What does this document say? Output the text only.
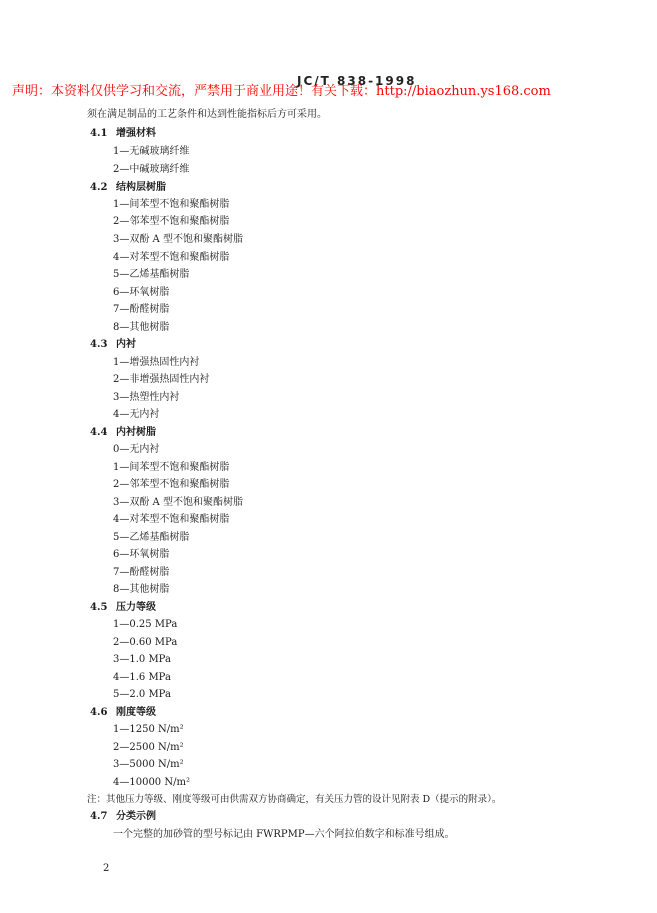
JC/T 838-1998
声明：本资料仅供学习和交流，严禁用于商业用途！有关下载：http://biaozhun.ys168.com
须在满足制品的工艺条件和达到性能指标后方可采用。
4.1 增强材料
1—无碱玻璃纤维
2—中碱玻璃纤维
4.2 结构层树脂
1—间苯型不饱和聚酯树脂
2—邻苯型不饱和聚酯树脂
3—双酚 A 型不饱和聚酯树脂
4—对苯型不饱和聚酯树脂
5—乙烯基酯树脂
6—环氧树脂
7—酚醛树脂
8—其他树脂
4.3 内衬
1—增强热固性内衬
2—非增强热固性内衬
3—热塑性内衬
4—无内衬
4.4 内衬树脂
0—无内衬
1—间苯型不饱和聚酯树脂
2—邻苯型不饱和聚酯树脂
3—双酚 A 型不饱和聚酯树脂
4—对苯型不饱和聚酯树脂
5—乙烯基酯树脂
6—环氧树脂
7—酚醛树脂
8—其他树脂
4.5 压力等级
1—0.25 MPa
2—0.60 MPa
3—1.0 MPa
4—1.6 MPa
5—2.0 MPa
4.6 刚度等级
1—1250 N/m²
2—2500 N/m²
3—5000 N/m²
4—10000 N/m²
注：其他压力等级、刚度等级可由供需双方协商确定，有关压力管的设计见附表 D（提示的附录）。
4.7 分类示例
一个完整的加砂管的型号标记由 FWRPMP—六个阿拉伯数字和标准号组成。
2
